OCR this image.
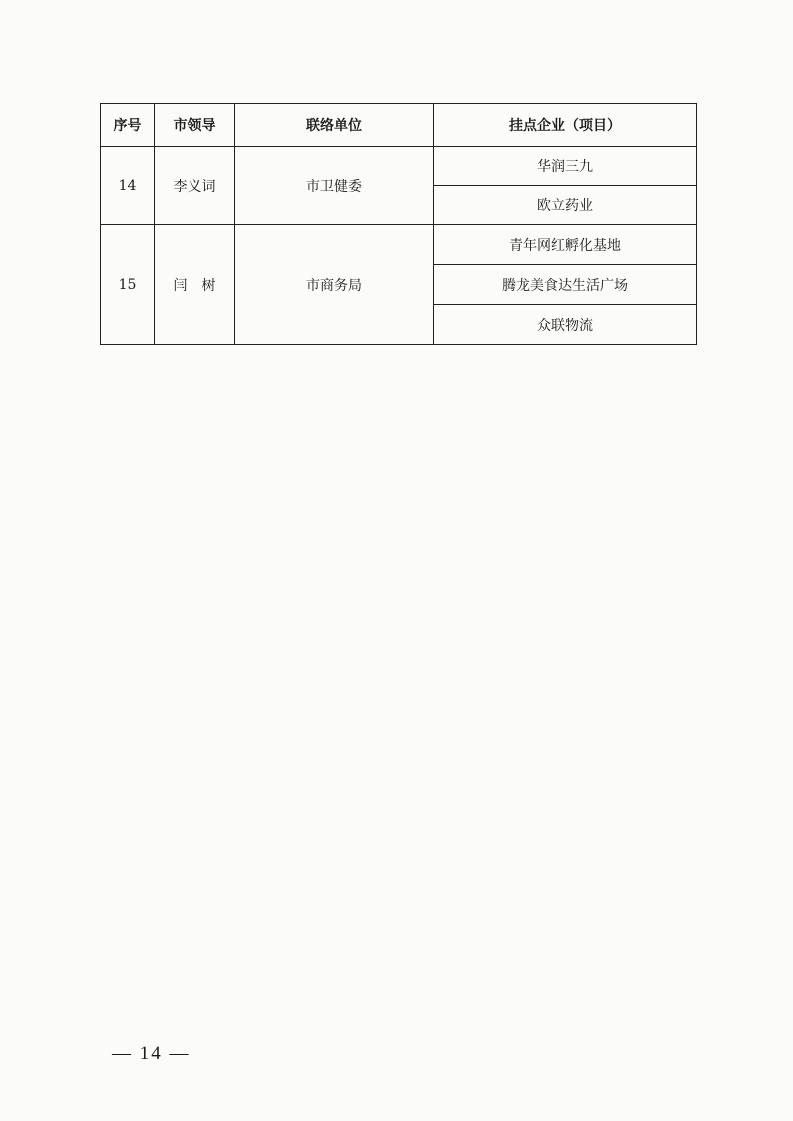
序号	市领导	联络单位	挂点企业（项目）
14	李义词	市卫健委	华润三九
			欧立药业
15	闫　树	市商务局	青年网红孵化基地
			腾龙美食达生活广场
			众联物流
— 14 —
